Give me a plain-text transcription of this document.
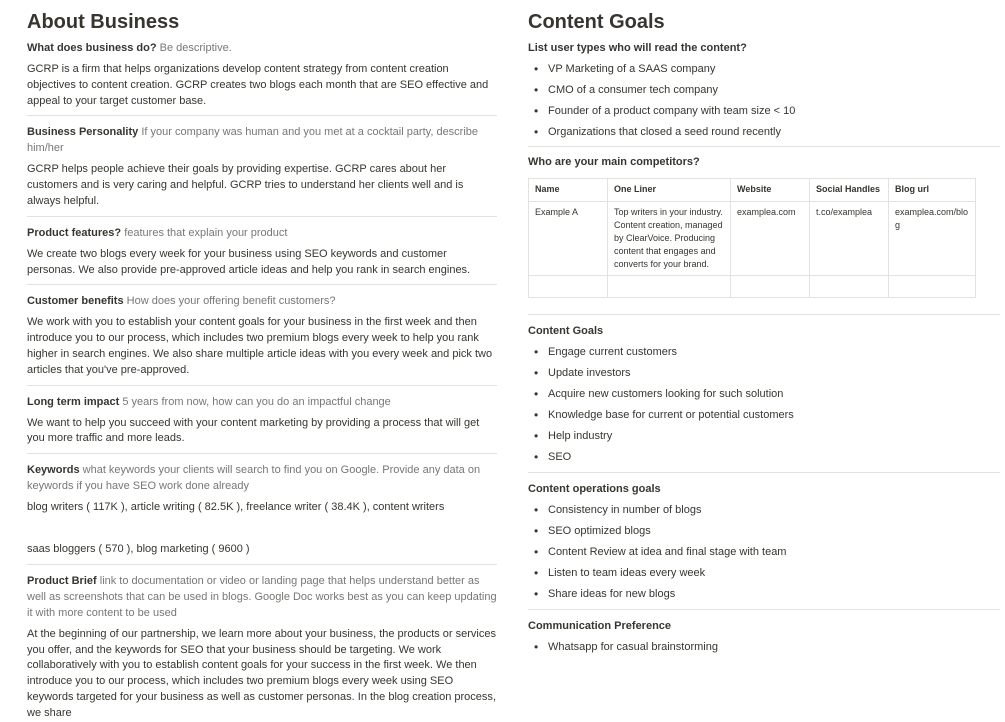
About Business

What does business do? Be descriptive.

GCRP is a firm that helps organizations develop content strategy from content creation objectives to content creation. GCRP creates two blogs each month that are SEO effective and appeal to your target customer base.

Business Personality If your company was human and you met at a cocktail party, describe him/her

GCRP helps people achieve their goals by providing expertise. GCRP cares about her customers and is very caring and helpful. GCRP tries to understand her clients well and is always helpful.

Product features? features that explain your product

We create two blogs every week for your business using SEO keywords and customer personas. We also provide pre-approved article ideas and help you rank in search engines.

Customer benefits How does your offering benefit customers?

We work with you to establish your content goals for your business in the first week and then introduce you to our process, which includes two premium blogs every week to help you rank higher in search engines. We also share multiple article ideas with you every week and pick two articles that you've pre-approved.

Long term impact 5 years from now, how can you do an impactful change

We want to help you succeed with your content marketing by providing a process that will get you more traffic and more leads.

Keywords what keywords your clients will search to find you on Google. Provide any data on keywords if you have SEO work done already

blog writers ( 117K ), article writing ( 82.5K ), freelance writer ( 38.4K ), content writers

saas bloggers ( 570 ), blog marketing ( 9600 )

Product Brief link to documentation or video or landing page that helps understand better as well as screenshots that can be used in blogs. Google Doc works best as you can keep updating it with more content to be used

At the beginning of our partnership, we learn more about your business, the products or services you offer, and the keywords for SEO that your business should be targeting. We work collaboratively with you to establish content goals for your success in the first week. We then introduce you to our process, which includes two premium blogs every week using SEO keywords targeted for your business as well as customer personas. In the blog creation process, we share

Content Goals

List user types who will read the content?

• VP Marketing of a SAAS company
• CMO of a consumer tech company
• Founder of a product company with team size < 10
• Organizations that closed a seed round recently

Who are your main competitors?

Name	One Liner	Website	Social Handles	Blog url
Example A	Top writers in your industry. Content creation, managed by ClearVoice. Producing content that engages and converts for your brand.	examplea.com	t.co/examplea	examplea.com/blog

Content Goals

• Engage current customers
• Update investors
• Acquire new customers looking for such solution
• Knowledge base for current or potential customers
• Help industry
• SEO

Content operations goals

• Consistency in number of blogs
• SEO optimized blogs
• Content Review at idea and final stage with team
• Listen to team ideas every week
• Share ideas for new blogs

Communication Preference

• Whatsapp for casual brainstorming
